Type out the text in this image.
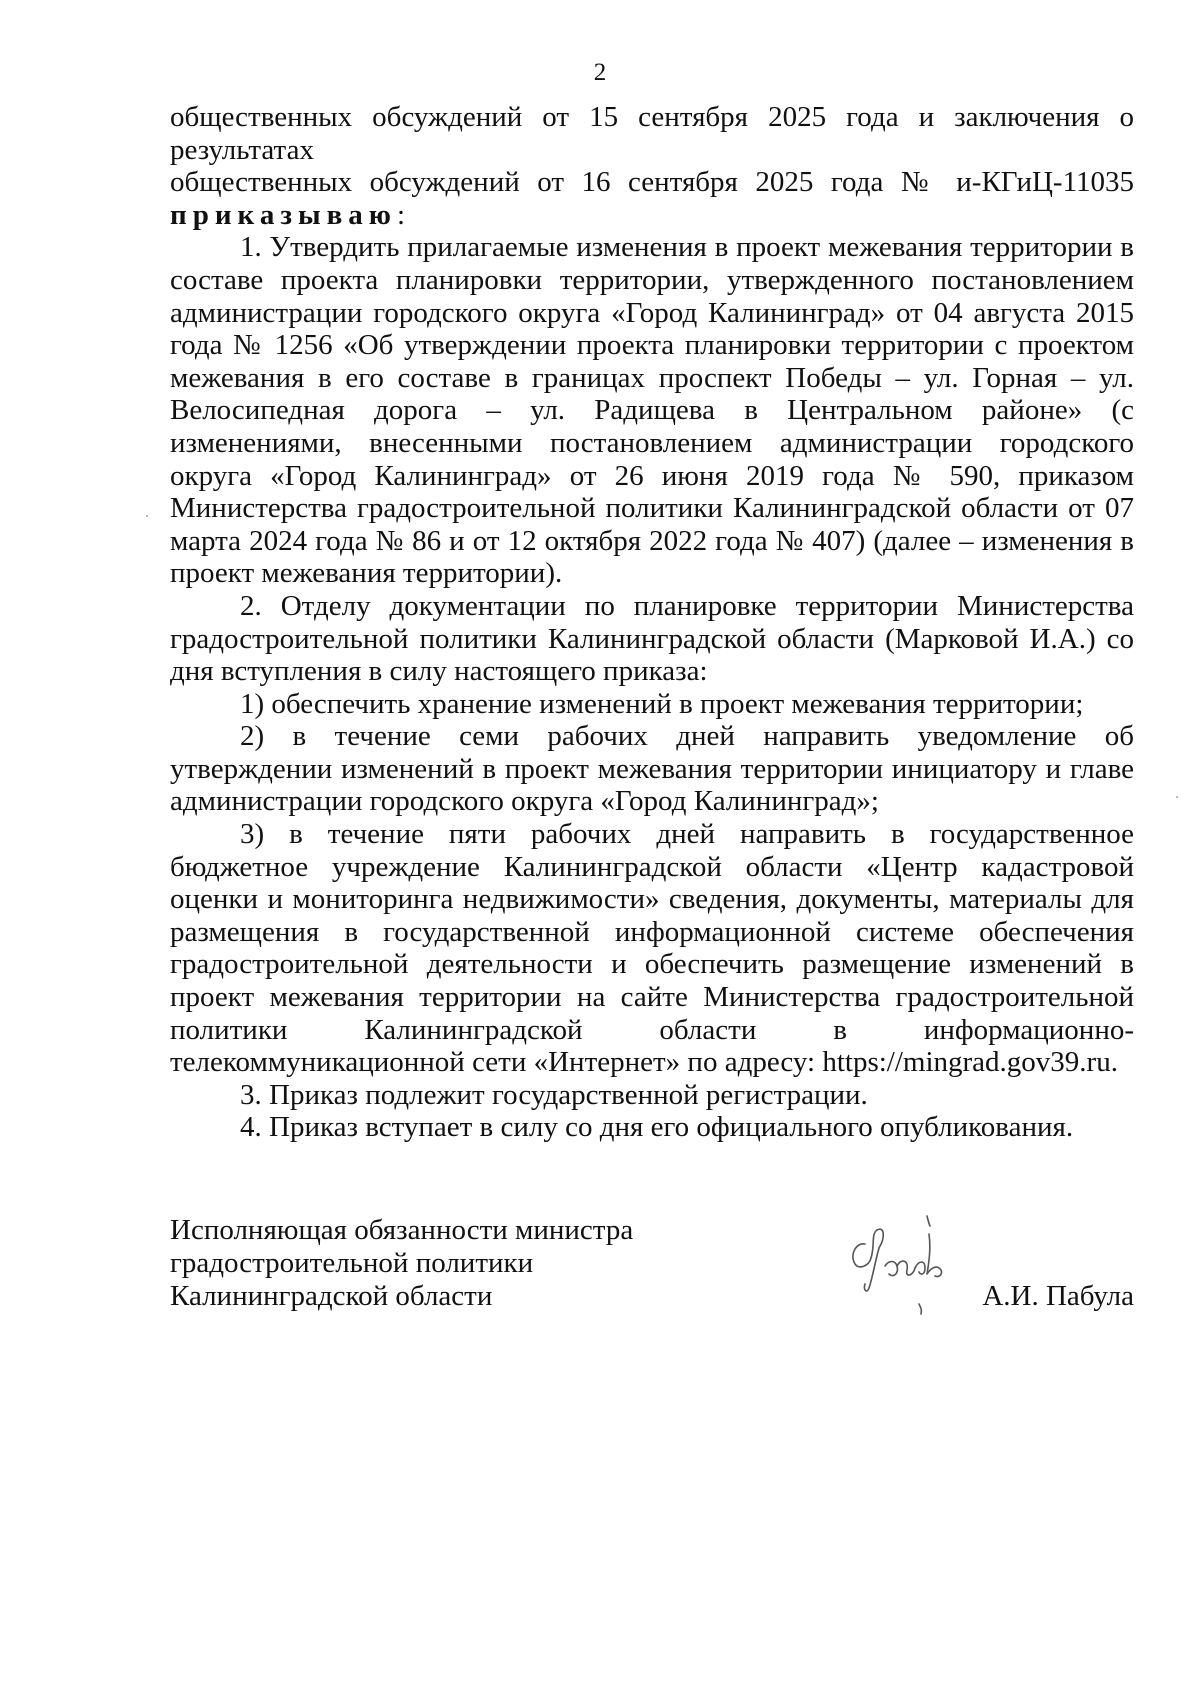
2

общественных обсуждений от 15 сентября 2025 года и заключения о результатах

общественных обсуждений от 16 сентября 2025 года № и-КГиЦ-11035

приказываю:

1. Утвердить прилагаемые изменения в проект межевания территории в составе проекта планировки территории, утвержденного постановлением администрации городского округа «Город Калининград» от 04 августа 2015 года № 1256 «Об утверждении проекта планировки территории с проектом межевания в его составе в границах проспект Победы – ул. Горная – ул. Велосипедная дорога – ул. Радищева в Центральном районе» (с изменениями, внесенными постановлением администрации городского округа «Город Калининград» от 26 июня 2019 года № 590, приказом Министерства градостроительной политики Калининградской области от 07 марта 2024 года № 86 и от 12 октября 2022 года № 407) (далее – изменения в проект межевания территории).

2. Отделу документации по планировке территории Министерства градостроительной политики Калининградской области (Марковой И.А.) со дня вступления в силу настоящего приказа:

1) обеспечить хранение изменений в проект межевания территории;

2) в течение семи рабочих дней направить уведомление об утверждении изменений в проект межевания территории инициатору и главе администрации городского округа «Город Калининград»;

3) в течение пяти рабочих дней направить в государственное бюджетное учреждение Калининградской области «Центр кадастровой оценки и мониторинга недвижимости» сведения, документы, материалы для размещения в государственной информационной системе обеспечения градостроительной деятельности и обеспечить размещение изменений в проект межевания территории на сайте Министерства градостроительной политики Калининградской области в информационно-телекоммуникационной сети «Интернет» по адресу: https://mingrad.gov39.ru.

3. Приказ подлежит государственной регистрации.

4. Приказ вступает в силу со дня его официального опубликования.

Исполняющая обязанности министра
градостроительной политики
Калининградской области	А.И. Пабула
